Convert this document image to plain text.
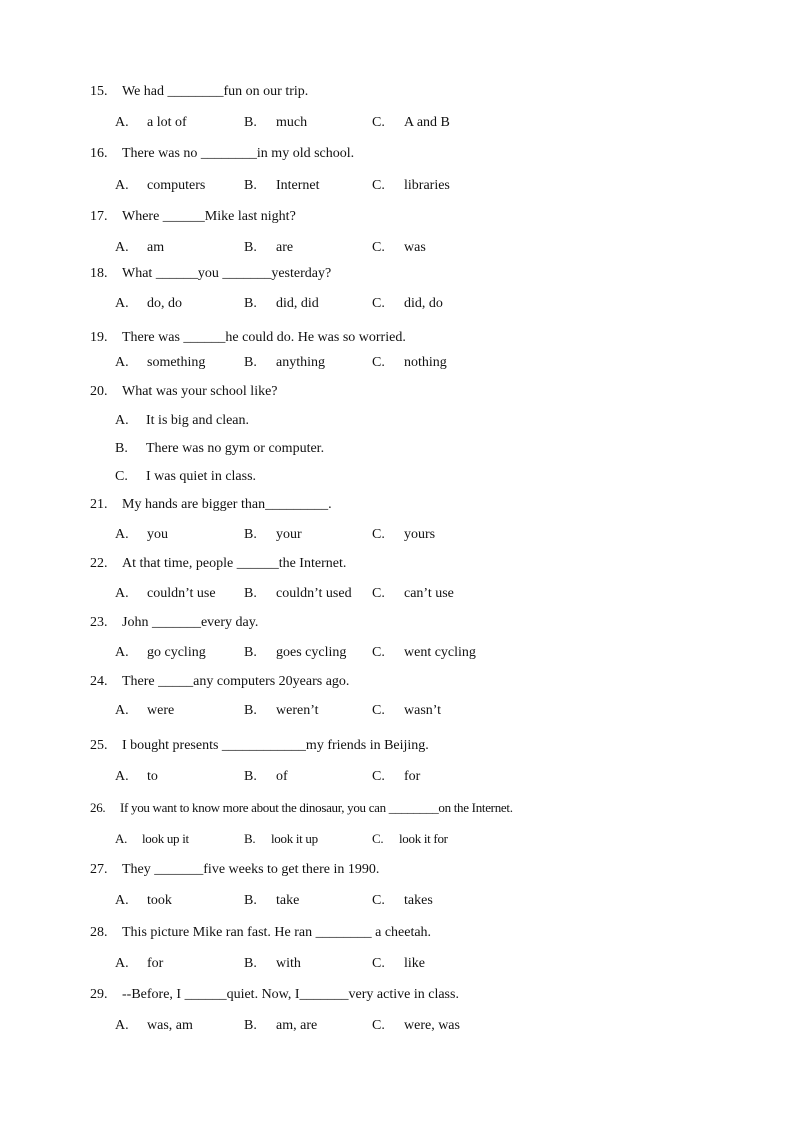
15. We had ________fun on our trip.
A. a lot of	B. much	C. A and B
16. There was no ________in my old school.
A. computers	B. Internet	C. libraries
17. Where ______Mike last night?
A. am	B. are	C. was
18. What ______you _______yesterday?
A. do, do	B. did, did	C. did, do
19. There was ______he could do. He was so worried.
A. something	B. anything	C. nothing
20. What was your school like?
A. It is big and clean.
B. There was no gym or computer.
C. I was quiet in class.
21. My hands are bigger than_________.
A. you	B. your	C. yours
22. At that time, people ______the Internet.
A. couldn’t use B. couldn’t used C. can’t use
23. John _______every day.
A. go cycling	B. goes cycling C. went cycling
24. There _____any computers 20years ago.
A. were	B. weren’t	C. wasn’t
25. I bought presents ____________my friends in Beijing.
A. to	B. of	C. for
26. If you want to know more about the dinosaur, you can ________on the Internet.
A. look up it	B. look it up	C. look it for
27. They _______five weeks to get there in 1990.
A. took	B. take	C. takes
28. This picture Mike ran fast. He ran ________ a cheetah.
A. for	B. with	C. like
29. --Before, I ______quiet. Now, I_______very active in class.
A. was, am	B. am, are	C. were, was
